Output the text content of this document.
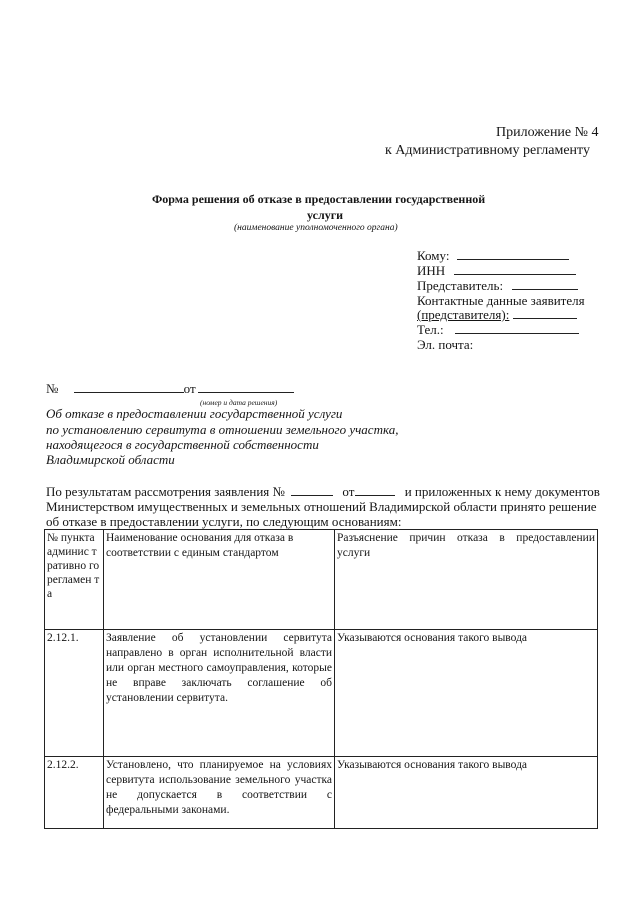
Приложение № 4
к Административному регламенту
Форма решения об отказе в предоставлении государственной
услуги
(наименование уполномоченного органа)
Кому:
ИНН
Представитель:
Контактные данные заявителя
(представителя):
Тел.:
Эл. почта:
№	от
(номер и дата решения)
Об отказе в предоставлении государственной услуги
по установлению сервитута в отношении земельного участка,
находящегося в государственной собственности
Владимирской области
По результатам рассмотрения заявления №	от	и приложенных к нему документов
Министерством имущественных и земельных отношений Владимирской области принято решение
об отказе в предоставлении услуги, по следующим основаниям:
№ пункта админис тративно го регламен та	Наименование основания для отказа в соответствии с единым стандартом	Разъяснение причин отказа в предоставлении услуги
2.12.1.	Заявление об установлении сервитута направлено в орган исполнительной власти или орган местного самоуправления, которые не вправе заключать соглашение об установлении сервитута.	Указываются основания такого вывода
2.12.2.	Установлено, что планируемое на условиях сервитута использование земельного участка не допускается в соответствии с федеральными законами.	Указываются основания такого вывода
